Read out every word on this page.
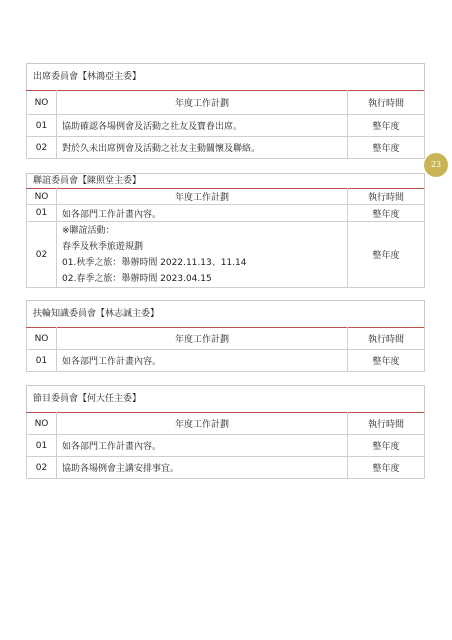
出席委員會【林鴻亞主委】
NO	年度工作計劃	執行時間
01	協助確認各場例會及活動之社友及寶眷出席。	整年度
02	對於久未出席例會及活動之社友主動關懷及聯絡。	整年度
聯誼委員會【陳照堂主委】
NO	年度工作計劃	執行時間
01	如各部門工作計畫內容。	整年度
02	※聯誼活動：
春季及秋季旅遊規劃
01.秋季之旅：舉辦時間 2022.11.13、11.14
02.春季之旅：舉辦時間 2023.04.15	整年度
扶輪知識委員會【林志誠主委】
NO	年度工作計劃	執行時間
01	如各部門工作計畫內容。	整年度
節目委員會【何大任主委】
NO	年度工作計劃	執行時間
01	如各部門工作計畫內容。	整年度
02	協助各場例會主講安排事宜。	整年度
23
